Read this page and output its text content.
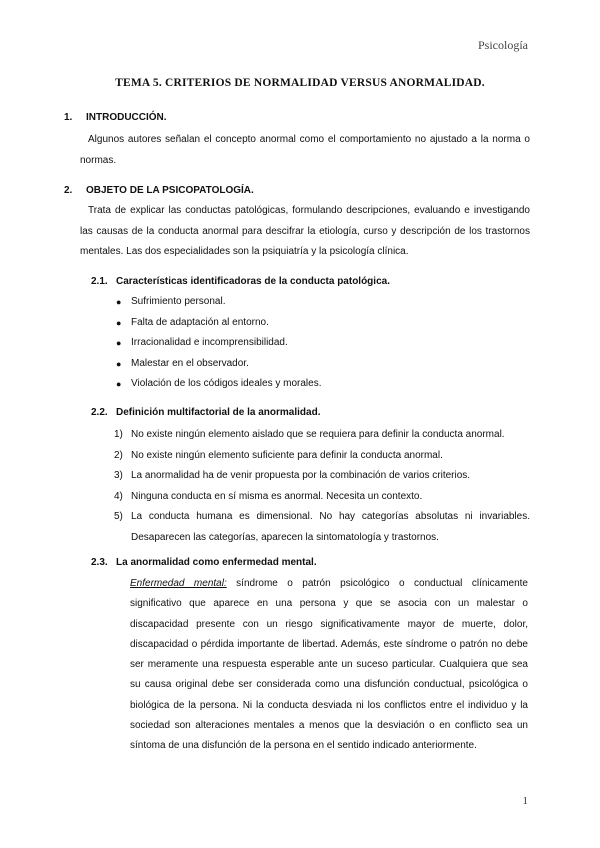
Psicología
TEMA 5. CRITERIOS DE NORMALIDAD VERSUS ANORMALIDAD.
1. INTRODUCCIÓN.
Algunos autores señalan el concepto anormal como el comportamiento no ajustado a la norma o normas.
2. OBJETO DE LA PSICOPATOLOGÍA.
Trata de explicar las conductas patológicas, formulando descripciones, evaluando e investigando las causas de la conducta anormal para descifrar la etiología, curso y descripción de los trastornos mentales. Las dos especialidades son la psiquiatría y la psicología clínica.
2.1. Características identificadoras de la conducta patológica.
● Sufrimiento personal.
● Falta de adaptación al entorno.
● Irracionalidad e incomprensibilidad.
● Malestar en el observador.
● Violación de los códigos ideales y morales.
2.2. Definición multifactorial de la anormalidad.
1) No existe ningún elemento aislado que se requiera para definir la conducta anormal.
2) No existe ningún elemento suficiente para definir la conducta anormal.
3) La anormalidad ha de venir propuesta por la combinación de varios criterios.
4) Ninguna conducta en sí misma es anormal. Necesita un contexto.
5) La conducta humana es dimensional. No hay categorías absolutas ni invariables. Desaparecen las categorías, aparecen la sintomatología y trastornos.
2.3. La anormalidad como enfermedad mental.
Enfermedad mental: síndrome o patrón psicológico o conductual clínicamente significativo que aparece en una persona y que se asocia con un malestar o discapacidad presente con un riesgo significativamente mayor de muerte, dolor, discapacidad o pérdida importante de libertad. Además, este síndrome o patrón no debe ser meramente una respuesta esperable ante un suceso particular. Cualquiera que sea su causa original debe ser considerada como una disfunción conductual, psicológica o biológica de la persona. Ni la conducta desviada ni los conflictos entre el individuo y la sociedad son alteraciones mentales a menos que la desviación o en conflicto sea un síntoma de una disfunción de la persona en el sentido indicado anteriormente.
1
